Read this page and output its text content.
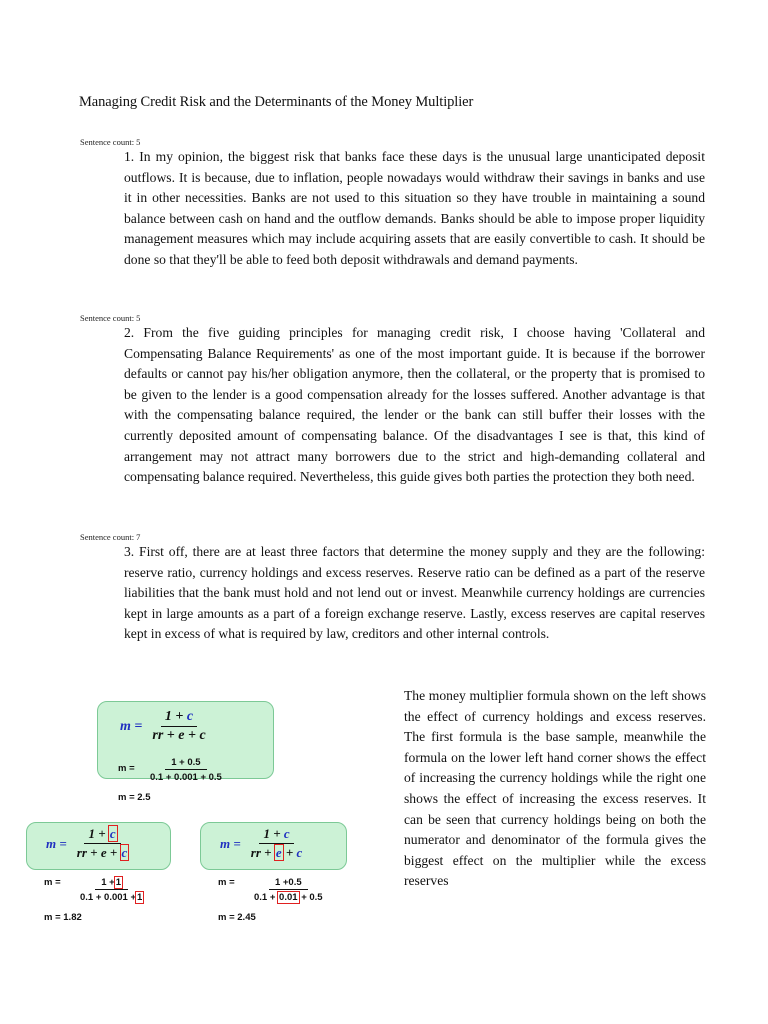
Managing Credit Risk and the Determinants of the Money Multiplier
Sentence count: 5

1. In my opinion, the biggest risk that banks face these days is the unusual large unanticipated deposit outflows. It is because, due to inflation, people nowadays would withdraw their savings in banks and use it in other necessities. Banks are not used to this situation so they have trouble in maintaining a sound balance between cash on hand and the outflow demands. Banks should be able to impose proper liquidity management measures which may include acquiring assets that are easily convertible to cash. It should be done so that they'll be able to feed both deposit withdrawals and demand payments.

Sentence count: 5

2. From the five guiding principles for managing credit risk, I choose having 'Collateral and Compensating Balance Requirements' as one of the most important guide. It is because if the borrower defaults or cannot pay his/her obligation anymore, then the collateral, or the property that is promised to be given to the lender is a good compensation already for the losses suffered. Another advantage is that with the compensating balance required, the lender or the bank can still buffer their losses with the currently deposited amount of compensating balance. Of the disadvantages I see is that, this kind of arrangement may not attract many borrowers due to the strict and high-demanding collateral and compensating balance required. Nevertheless, this guide gives both parties the protection they both need.

Sentence count: 7

3. First off, there are at least three factors that determine the money supply and they are the following: reserve ratio, currency holdings and excess reserves. Reserve ratio can be defined as a part of the reserve liabilities that the bank must hold and not lend out or invest. Meanwhile currency holdings are currencies kept in large amounts as a part of a foreign exchange reserve. Lastly, excess reserves are capital reserves kept in excess of what is required by law, creditors and other internal controls.

The money multiplier formula shown on the left shows the effect of currency holdings and excess reserves. The first formula is the base sample, meanwhile the formula on the lower left hand corner shows the effect of increasing the currency holdings while the right one shows the effect of increasing the excess reserves. It can be seen that currency holdings being on both the numerator and denominator of the formula gives the biggest effect on the multiplier while the excess reserves

$m = \frac{1 + c}{rr + e + c}$
m =
1 + 0.5
0.1 + 0.001 + 0.5
m = 2.5
$m = \frac{1 + c}{rr + e + c}$	$m = \frac{1 + c}{rr + e + c}$
m =	1 +1
0.1 + 0.001 +1
m = 1.82
m =	1 +0.5
0.1 + 0.01 + 0.5
m = 2.45
